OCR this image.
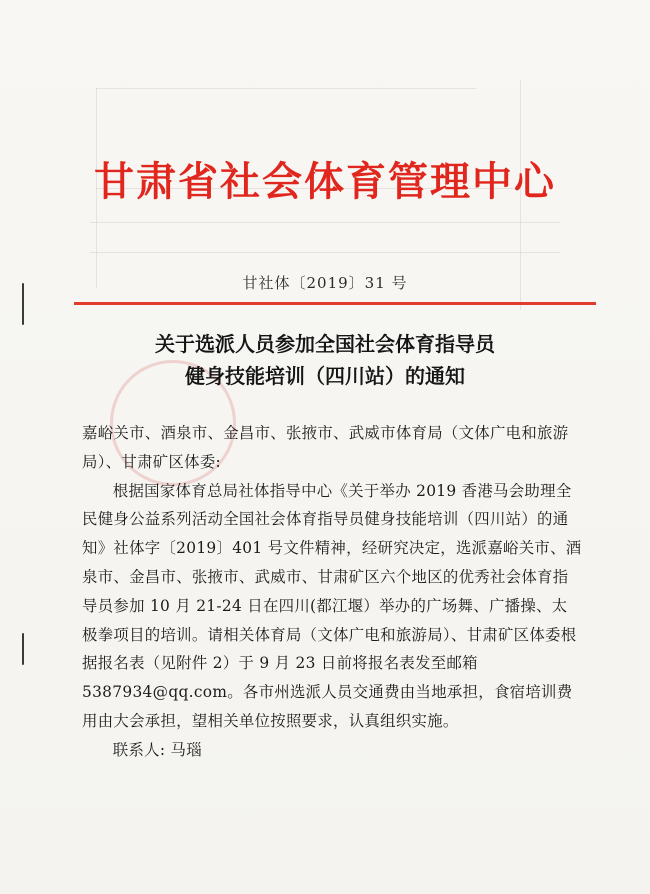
甘肃省社会体育管理中心
甘社体〔2019〕31 号
关于选派人员参加全国社会体育指导员
健身技能培训（四川站）的通知

嘉峪关市、酒泉市、金昌市、张掖市、武威市体育局（文体广电和旅游局）、甘肃矿区体委:

根据国家体育总局社体指导中心《关于举办 2019 香港马会助理全民健身公益系列活动全国社会体育指导员健身技能培训（四川站）的通知》社体字〔2019〕401 号文件精神，经研究决定，选派嘉峪关市、酒泉市、金昌市、张掖市、武威市、甘肃矿区六个地区的优秀社会体育指导员参加 10 月 21-24 日在四川(都江堰）举办的广场舞、广播操、太极拳项目的培训。请相关体育局（文体广电和旅游局）、甘肃矿区体委根据报名表（见附件 2）于 9 月 23 日前将报名表发至邮箱 5387934@qq.com。各市州选派人员交通费由当地承担，食宿培训费用由大会承担，望相关单位按照要求，认真组织实施。

联系人: 马瑙
